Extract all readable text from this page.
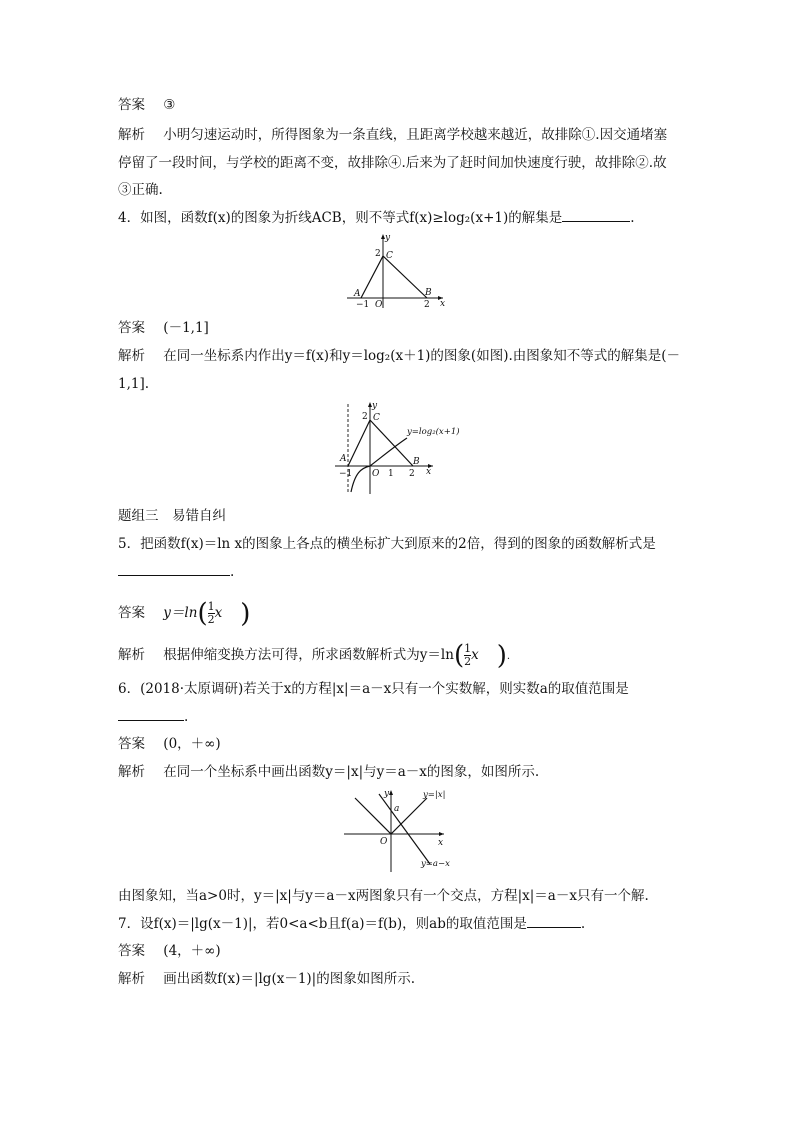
答案 ③
解析 小明匀速运动时，所得图象为一条直线，且距离学校越来越近，故排除①.因交通堵塞
停留了一段时间，与学校的距离不变，故排除④.后来为了赶时间加快速度行驶，故排除②.故
③正确.
4．如图，函数f(x)的图象为折线ACB，则不等式f(x)≥log₂(x+1)的解集是	.
y
2 C
A
−1 O
B
2 x
答案 (－1,1]
解析 在同一坐标系内作出y＝f(x)和y＝log₂(x＋1)的图象(如图).由图象知不等式的解集是(－
1,1].
y
2 C
y=log₂(x+1)
A
−1 O 1
B
2 x
题组三　易错自纠
5．把函数f(x)＝ln x的图象上各点的横坐标扩大到原来的2倍，得到的图象的函数解析式是
.
答案 $y=\ln( \frac{1}{2}$ x )
解析 根据伸缩变换方法可得，所求函数解析式为$y=\ln( \frac{1}{2}$ x ).
6．(2018·太原调研)若关于x的方程|x|＝a－x只有一个实数解，则实数a的取值范围是
.
答案 (0，＋∞)
解析 在同一个坐标系中画出函数y＝|x|与y＝a－x的图象，如图所示.
y
a
y=|x|
O	x
y=a−x
由图象知，当a>0时，y＝|x|与y＝a－x两图象只有一个交点，方程|x|＝a－x只有一个解.
7．设f(x)＝|lg(x－1)|，若0<a<b且f(a)＝f(b)，则ab的取值范围是	.
答案 (4，＋∞)
解析 画出函数f(x)＝|lg(x－1)|的图象如图所示.
